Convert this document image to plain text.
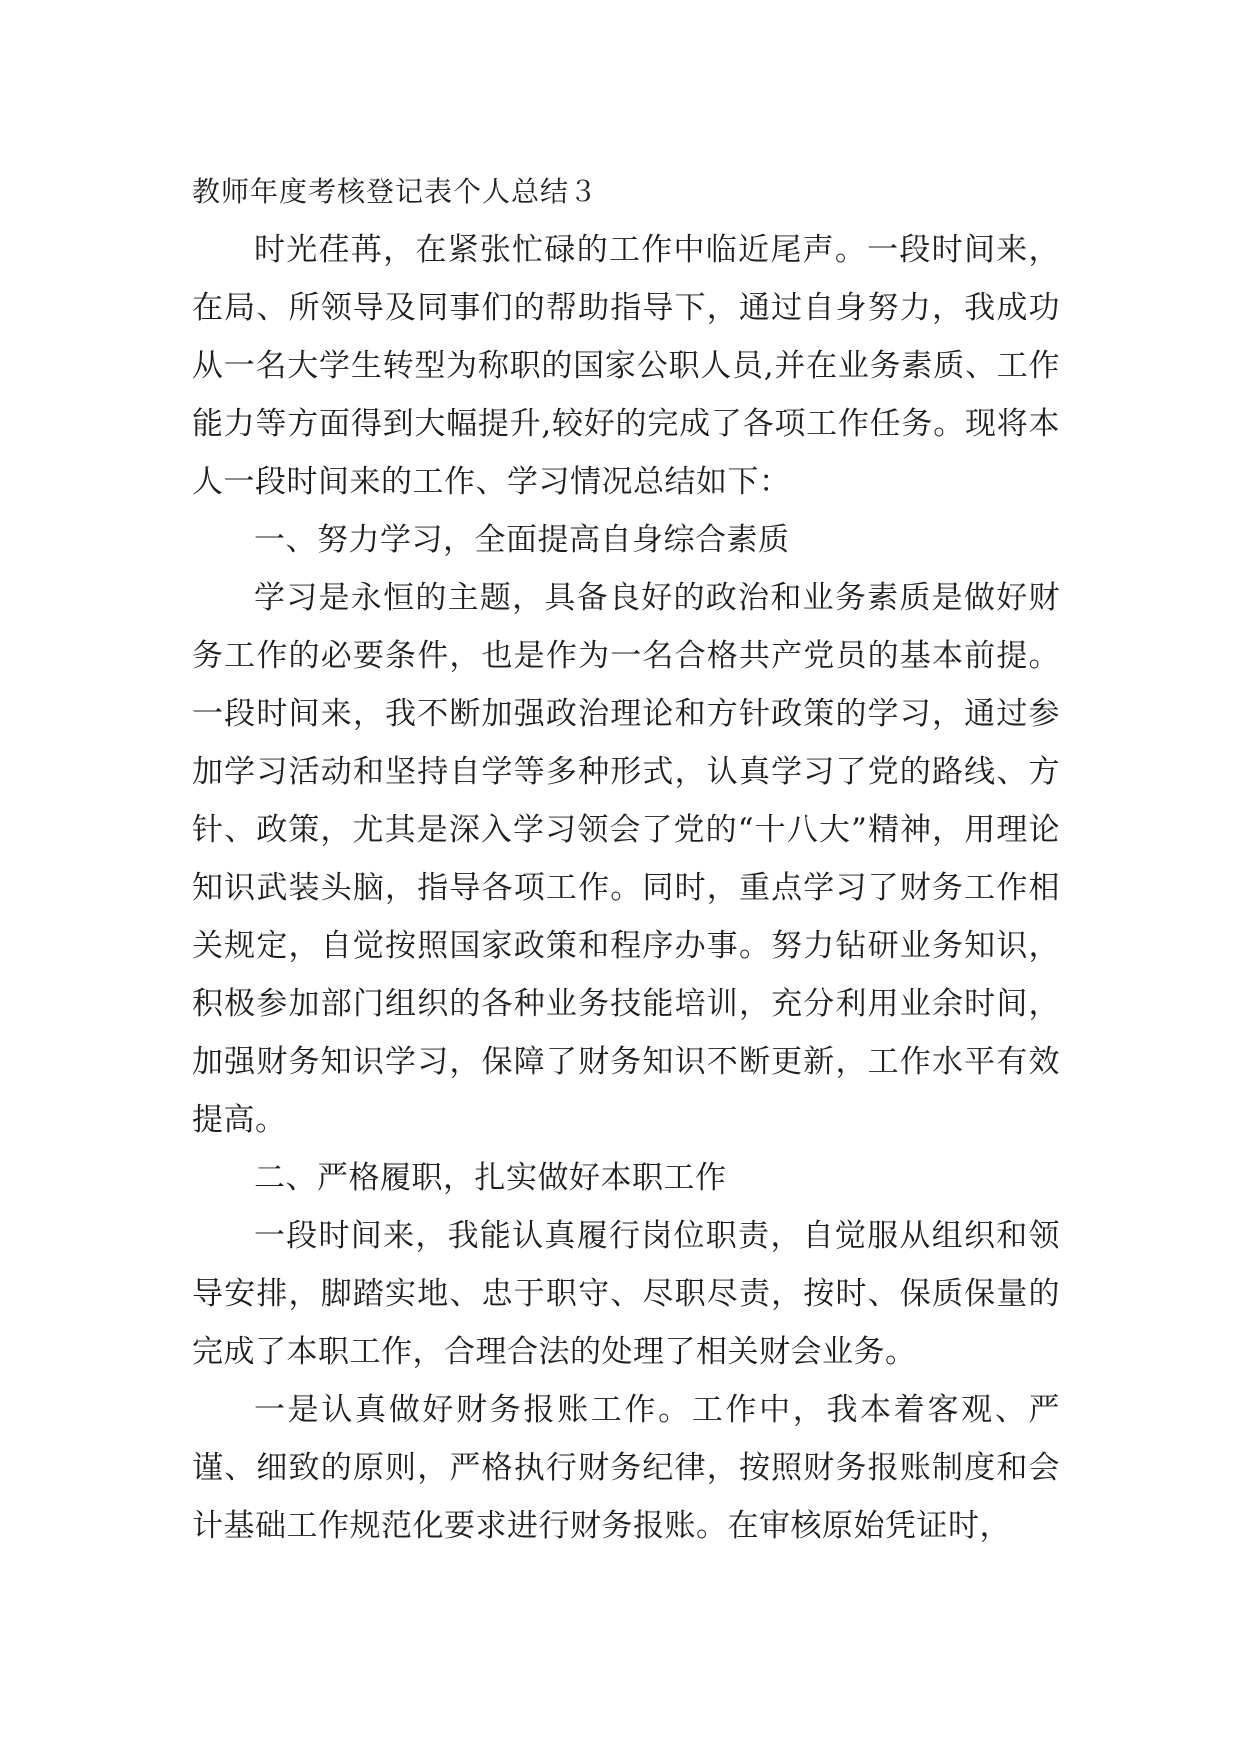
教师年度考核登记表个人总结３

时光荏苒，在紧张忙碌的工作中临近尾声。一段时间来，在局、所领导及同事们的帮助指导下，通过自身努力，我成功从一名大学生转型为称职的国家公职人员,并在业务素质、工作能力等方面得到大幅提升,较好的完成了各项工作任务。现将本人一段时间来的工作、学习情况总结如下：

一、努力学习，全面提高自身综合素质

学习是永恒的主题，具备良好的政治和业务素质是做好财务工作的必要条件，也是作为一名合格共产党员的基本前提。一段时间来，我不断加强政治理论和方针政策的学习，通过参加学习活动和坚持自学等多种形式，认真学习了党的路线、方针、政策，尤其是深入学习领会了党的“十八大”精神，用理论知识武装头脑，指导各项工作。同时，重点学习了财务工作相关规定，自觉按照国家政策和程序办事。努力钻研业务知识，积极参加部门组织的各种业务技能培训，充分利用业余时间，加强财务知识学习，保障了财务知识不断更新，工作水平有效提高。

二、严格履职，扎实做好本职工作

一段时间来，我能认真履行岗位职责，自觉服从组织和领导安排，脚踏实地、忠于职守、尽职尽责，按时、保质保量的完成了本职工作，合理合法的处理了相关财会业务。

一是认真做好财务报账工作。工作中，我本着客观、严谨、细致的原则，严格执行财务纪律，按照财务报账制度和会计基础工作规范化要求进行财务报账。在审核原始凭证时，
